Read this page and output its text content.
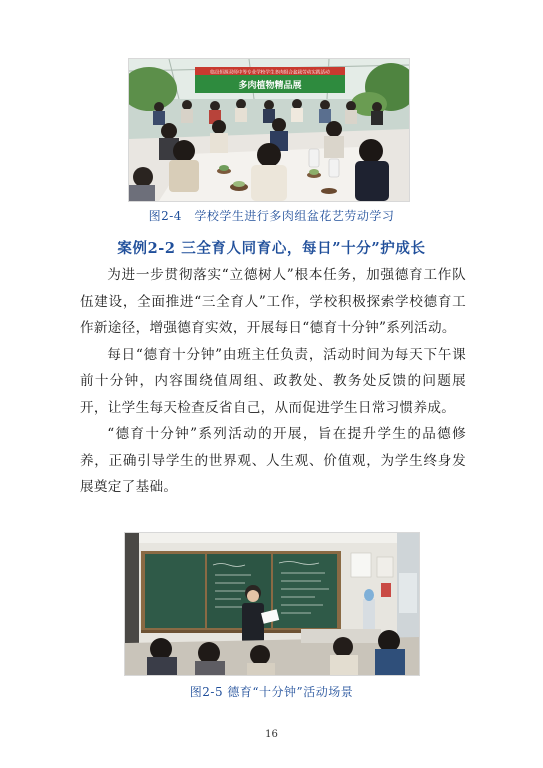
临邑恒源双师中等专业学校学生多肉组合盆栽劳动实践活动
多肉植物精品展
图2-4　学校学生进行多肉组盆花艺劳动学习
案例2-2 三全育人同育心，每日”十分”护成长

为进一步贯彻落实“立德树人”根本任务，加强德育工作队伍建设，全面推进“三全育人”工作，学校积极探索学校德育工作新途径，增强德育实效，开展每日“德育十分钟”系列活动。

每日“德育十分钟”由班主任负责，活动时间为每天下午课前十分钟，内容围绕值周组、政教处、教务处反馈的问题展开，让学生每天检查反省自己，从而促进学生日常习惯养成。

“德育十分钟”系列活动的开展，旨在提升学生的品德修养，正确引导学生的世界观、人生观、价值观，为学生终身发展奠定了基础。

图2-5 德育“十分钟”活动场景
16
